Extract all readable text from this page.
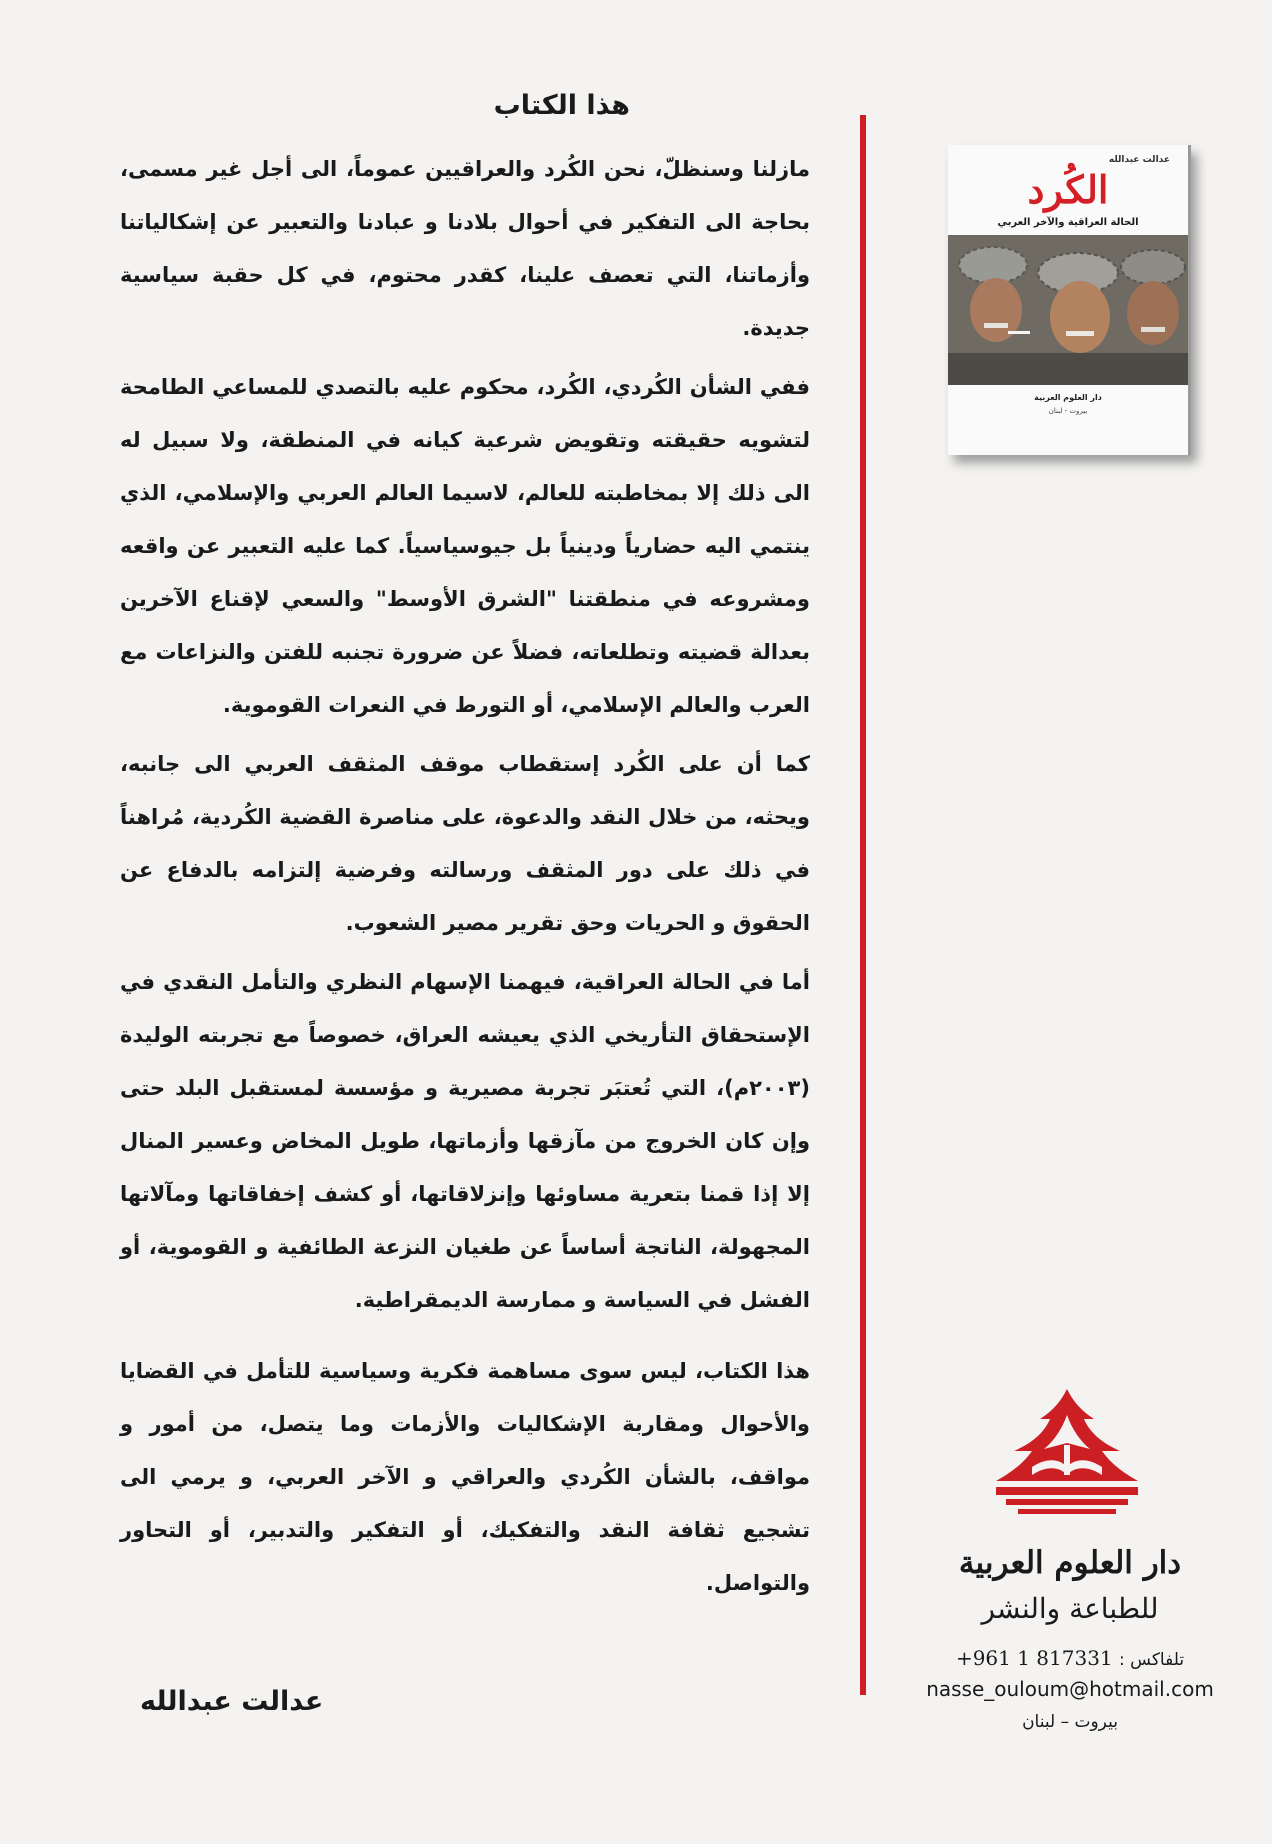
هذا الكتاب

مازلنا وسنظلّ، نحن الكُرد والعراقيين عموماً، الى أجل غير مسمى، بحاجة الى التفكير في أحوال بلادنا و عبادنا والتعبير عن إشكالياتنا وأزماتنا، التي تعصف علينا، كقدر محتوم، في كل حقبة سياسية جديدة.

ففي الشأن الكُردي، الكُرد، محكوم عليه بالتصدي للمساعي الطامحة لتشويه حقيقته وتقويض شرعية كيانه في المنطقة، ولا سبيل له الى ذلك إلا بمخاطبته للعالم، لاسيما العالم العربي والإسلامي، الذي ينتمي اليه حضارياً ودينياً بل جيوسياسياً. كما عليه التعبير عن واقعه ومشروعه في منطقتنا "الشرق الأوسط" والسعي لإقناع الآخرين بعدالة قضيته وتطلعاته، فضلاً عن ضرورة تجنبه للفتن والنزاعات مع العرب والعالم الإسلامي، أو التورط في النعرات القوموية.

كما أن على الكُرد إستقطاب موقف المثقف العربي الى جانبه، ويحثه، من خلال النقد والدعوة، على مناصرة القضية الكُردية، مُراهناً في ذلك على دور المثقف ورسالته وفرضية إلتزامه بالدفاع عن الحقوق و الحريات وحق تقرير مصير الشعوب.

أما في الحالة العراقية، فيهمنا الإسهام النظري والتأمل النقدي في الإستحقاق التأريخي الذي يعيشه العراق، خصوصاً مع تجربته الوليدة (٢٠٠٣م)، التي تُعتبَر تجربة مصيرية و مؤسسة لمستقبل البلد حتى وإن كان الخروج من مآزقها وأزماتها، طويل المخاض وعسير المنال إلا إذا قمنا بتعرية مساوئها وإنزلاقاتها، أو كشف إخفاقاتها ومآلاتها المجهولة، الناتجة أساساً عن طغيان النزعة الطائفية و القوموية، أو الفشل في السياسة و ممارسة الديمقراطية.

هذا الكتاب، ليس سوى مساهمة فكرية وسياسية للتأمل في القضايا والأحوال ومقاربة الإشكاليات والأزمات وما يتصل، من أمور و مواقف، بالشأن الكُردي والعراقي و الآخر العربي، و يرمي الى تشجيع ثقافة النقد والتفكيك، أو التفكير والتدبير، أو التحاور والتواصل.

عدالت عبدالله
عدالت عبدالله
الكُرد
الحالة العراقية والآخر العربي
دار العلوم العربية
بيروت - لبنان
دار العلوم العربية
للطباعة والنشر
+961 1 817331 تلفاكس :
nasse_ouloum@hotmail.com
بيروت – لبنان
